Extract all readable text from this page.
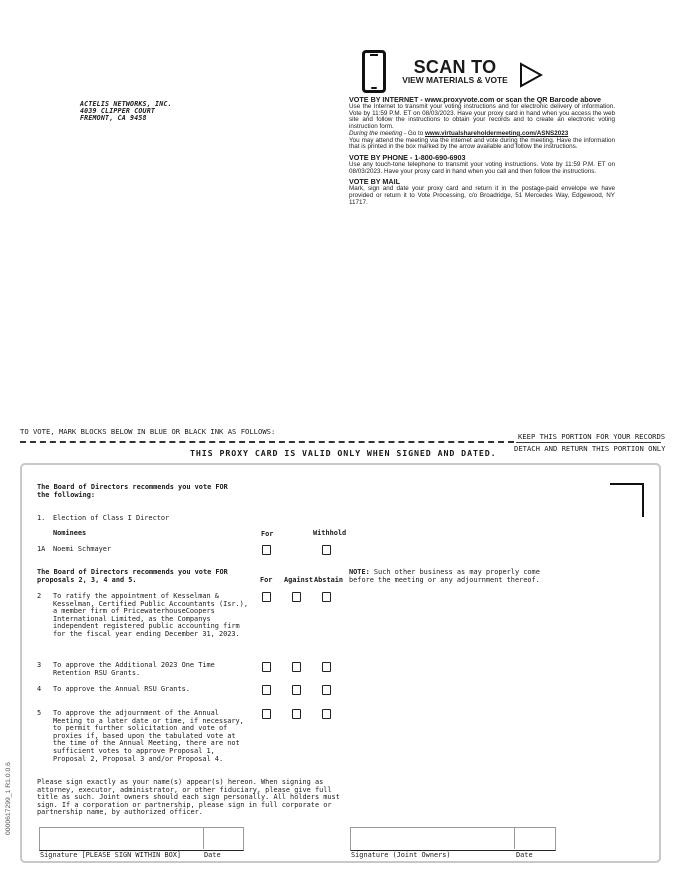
ACTELIS NETWORKS, INC.
4039 CLIPPER COURT
FREMONT, CA 9458
SCAN TO
VIEW MATERIALS & VOTE
VOTE BY INTERNET - www.proxyvote.com or scan the QR Barcode above

Use the Internet to transmit your voting instructions and for electronic delivery of information. Vote by 11:59 P.M. ET on 08/03/2023. Have your proxy card in hand when you access the web site and follow the instructions to obtain your records and to create an electronic voting instruction form.

During the meeting - Go to www.virtualshareholdermeeting.com/ASNS2023

You may attend the meeting via the internet and vote during the meeting. Have the information that is printed in the box marked by the arrow available and follow the instructions.

VOTE BY PHONE - 1-800-690-6903

Use any touch-tone telephone to transmit your voting instructions. Vote by 11:59 P.M. ET on 08/03/2023. Have your proxy card in hand when you call and then follow the instructions.

VOTE BY MAIL

Mark, sign and date your proxy card and return it in the postage-paid envelope we have provided or return it to Vote Processing, c/o Broadridge, 51 Mercedes Way, Edgewood, NY 11717.

TO VOTE, MARK BLOCKS BELOW IN BLUE OR BLACK INK AS FOLLOWS:
KEEP THIS PORTION FOR YOUR RECORDS
DETACH AND RETURN THIS PORTION ONLY
THIS PROXY CARD IS VALID ONLY WHEN SIGNED AND DATED.
The Board of Directors recommends you vote FOR
the following:
1. Election of Class I Director
Nominees	For	Withhold
1A Noemi Schmayer
The Board of Directors recommends you vote FOR
proposals 2, 3, 4 and 5.	For Against Abstain
NOTE: Such other business as may properly come
before the meeting or any adjournment thereof.
2 To ratify the appointment of Kesselman &
Kesselman, Certified Public Accountants (Isr.),
a member firm of PricewaterhouseCoopers
International Limited, as the Companys
independent registered public accounting firm
for the fiscal year ending December 31, 2023.
3 To approve the Additional 2023 One Time
Retention RSU Grants.
4 To approve the Annual RSU Grants.
5 To approve the adjournment of the Annual
Meeting to a later date or time, if necessary,
to permit further solicitation and vote of
proxies if, based upon the tabulated vote at
the time of the Annual Meeting, there are not
sufficient votes to approve Proposal 1,
Proposal 2, Proposal 3 and/or Proposal 4.
Please sign exactly as your name(s) appear(s) hereon. When signing as
attorney, executor, administrator, or other fiduciary, please give full
title as such. Joint owners should each sign personally. All holders must
sign. If a corporation or partnership, please sign in full corporate or
partnership name, by authorized officer.
Signature [PLEASE SIGN WITHIN BOX]	Date	Signature (Joint Owners)	Date
0000617299_1 R1.0.0.6
